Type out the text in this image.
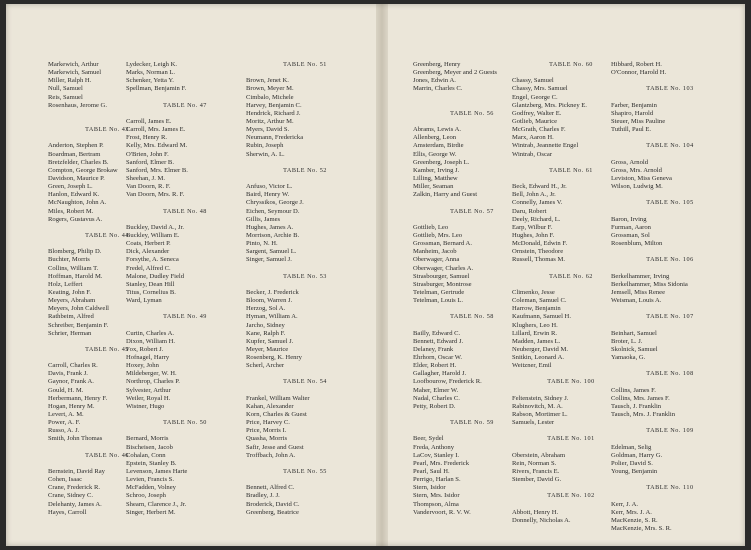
Markewich, Arthur
Markewich, Samuel
Miller, Ralph H.
Null, Samuel
Reis, Samuel
Rosenhaus, Jerome G.
TABLE No. 43
Anderton, Stephen P.
Boardman, Bertram
Bretzfelder, Charles B.
Compton, George Brokaw
Davidson, Maurice P.
Green, Joseph L.
Hanlon, Edward K.
McNaughton, John A.
Miles, Robert M.
Rogers, Gustavus A.
TABLE No. 44
Blomberg, Philip D.
Buchter, Morris
Collins, William T.
Hoffman, Harold M.
Holz, Leffert
Keating, John F.
Meyers, Abraham
Meyers, John Caldwell
Rathbeim, Alfred
Schreiber, Benjamin F.
Schrier, Herman
TABLE No. 45
Carroll, Charles R.
Davis, Frank J.
Gaynor, Frank A.
Gould, H. M.
Herbermann, Henry F.
Hogan, Henry M.
Levert, A. M.
Power, A. F.
Russo, A. J.
Smith, John Thomas
TABLE No. 46
Bernstein, David Ray
Cohen, Isaac
Crane, Frederick R.
Crane, Sidney C.
Delehanty, James A.
Hayes, Carroll
Lydecker, Leigh K.
Marks, Norman L.
Schenker, Yetta Y.
Spellman, Benjamin F.
TABLE No. 47
Carroll, James E.
Carroll, Mrs. James E.
Frost, Henry R.
Kelly, Mrs. Edward M.
O'Brien, John F.
Sanford, Elmer B.
Sanford, Mrs. Elmer B.
Sheehan, J. M.
Van Doorn, R. F.
Van Doorn, Mrs. R. F.
TABLE No. 48
Buckley, David A., Jr.
Buckley, William E.
Coats, Herbert P.
Dick, Alexander
Forsythe, A. Seneca
Fredel, Alfred C.
Malone, Dudley Field
Stanley, Dean Hill
Titus, Cornelius B.
Ward, Lyman
TABLE No. 49
Curtin, Charles A.
Dixon, William H.
Fox, Robert J.
Hofnagel, Harry
Hoxey, John
Mildeberger, W. H.
Northrop, Charles P.
Sylvester, Arthur
Weiler, Royal H.
Wistner, Hugo
TABLE No. 50
Bernard, Morris
Bischeisen, Jacob
Cohalan, Conn
Epstein, Stanley B.
Levenson, James Harte
Levien, Francis S.
McFadden, Volney
Schroo, Joseph
Shearn, Clarence J., Jr.
Singer, Herbert M.
TABLE No. 51
Brown, Jenet K.
Brown, Meyer M.
Cimbalo, Michele
Harvey, Benjamin C.
Hendrick, Richard J.
Moritz, Arthur M.
Myers, David S.
Neumann, Fredericka
Rubin, Joseph
Sherwin, A. L.
TABLE No. 52
Anfuso, Victor L.
Baird, Henry W.
Chryssikos, George J.
Eichen, Seymour D.
Gillis, James
Hughes, James A.
Morrison, Archie B.
Pinto, N. H.
Sargent, Samuel L.
Singer, Samuel J.
TABLE No. 53
Becker, J. Frederick
Bloom, Warren J.
Herzog, Sol A.
Hyman, William A.
Jarcho, Sidney
Kane, Ralph F.
Kupfer, Samuel J.
Meyer, Maurice
Rosenberg, K. Henry
Scherl, Archer
TABLE No. 54
Frankel, William Walter
Kahan, Alexander
Korn, Charles & Guest
Price, Harvey C.
Price, Morris I.
Quasha, Morris
Safir, Jesse and Guest
Troffbach, John A.
TABLE No. 55
Bennett, Alfred C.
Bradley, J. J.
Broderick, David C.
Greenberg, Beatrice
Greenberg, Henry
Greenberg, Meyer and 2 Guests
Jones, Edwin A.
Marrin, Charles C.
TABLE No. 56
Abrams, Lewis A.
Allenberg, Leon
Amsterdam, Birdie
Ellis, George W.
Greenberg, Joseph L.
Kamber, Irving J.
Lilling, Matthew
Miller, Seaman
Zalkin, Harry and Guest
TABLE No. 57
Gottlieb, Leo
Gottlieb, Mrs. Leo
Grossman, Bernard A.
Manheim, Jacob
Oberwager, Anna
Oberwager, Charles A.
Strasbourger, Samuel
Strasburger, Montrose
Tetelman, Gertrude
Tetelman, Louis L.
TABLE No. 58
Bailly, Edward C.
Bennett, Edward J.
Delaney, Frank
Ehrhorn, Oscar W.
Elder, Robert H.
Gallagher, Harold J.
Loofbourow, Frederick R.
Maher, Elmer W.
Nadal, Charles C.
Petty, Robert D.
TABLE No. 59
Beer, Sydel
Freda, Anthony
LaCov, Stanley I.
Pearl, Mrs. Frederick
Pearl, Saul H.
Perrigo, Harlan S.
Stern, Isidor
Stern, Mrs. Isidor
Thompson, Alma
Vandervoort, R. V. W.
TABLE No. 60
Chassy, Samuel
Chassy, Mrs. Samuel
Engel, George C.
Glantzberg, Mrs. Pickney E.
Godfrey, Walter E.
Gotlieb, Maurice
McGrath, Charles F.
Marx, Aaron H.
Wintrab, Jeannette Engel
Wintrab, Oscar
TABLE No. 61
Beck, Edward H., Jr.
Bell, John A., Jr.
Connelly, James V.
Daru, Robert
Deely, Richard, L.
Earp, Wilbur F.
Hughes, John F.
McDonald, Edwin F.
Ornstein, Theodore
Russell, Thomas M.
TABLE No. 62
Climenko, Jesse
Coleman, Samuel C.
Harrow, Benjamin
Kaufmann, Samuel H.
Klughers, Leo H.
Lillard, Erwin R.
Madden, James L.
Neuberger, David M.
Snitkin, Leonard A.
Weitzner, Emil
TABLE No. 100
Feltenstein, Sidney J.
Rabinovitch, M. A.
Rabson, Mortimer L.
Samuels, Lester
TABLE No. 101
Oberstein, Abraham
Rein, Norman S.
Rivers, Francis E.
Stember, David G.
TABLE No. 102
Abbott, Henry H.
Donnelly, Nicholas A.
Hibbard, Robert H.
O'Connor, Harold H.
TABLE No. 103
Farber, Benjamin
Shapiro, Harold
Steuer, Miss Pauline
Tuthill, Paul E.
TABLE No. 104
Gross, Arnold
Gross, Mrs. Arnold
Leviston, Miss Geneva
Wilson, Ludwig M.
TABLE No. 105
Baron, Irving
Furman, Aaron
Grossman, Sol
Rosenblum, Milton
TABLE No. 106
Berkelhammer, Irving
Berkelhammer, Miss Sidonia
Jemsell, Miss Renee
Weisman, Louis A.
TABLE No. 107
Beinhart, Samuel
Broter, L. J.
Skolnick, Samuel
Yamaoka, G.
TABLE No. 108
Collins, James F.
Collins, Mrs. James F.
Tausch, J. Franklin
Tausch, Mrs. J. Franklin
TABLE No. 109
Edelman, Selig
Goldman, Harry G.
Polier, David S.
Young, Benjamin
TABLE No. 110
Kerr, J. A.
Kerr, Mrs. J. A.
MacKenzie, S. R.
MacKenzie, Mrs. S. R.
